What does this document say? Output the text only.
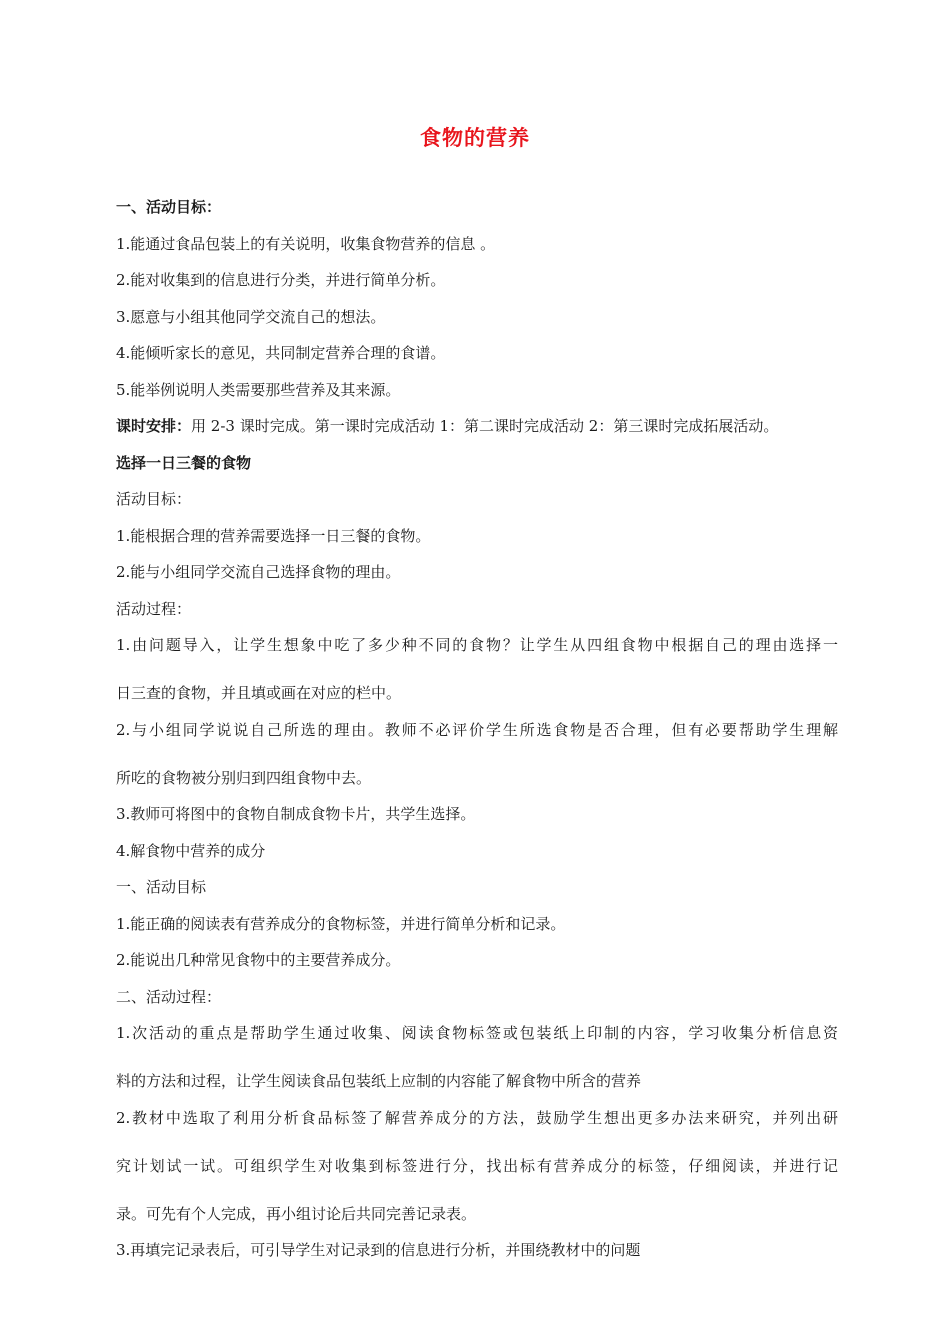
食物的营养

一、活动目标：

1.能通过食品包装上的有关说明，收集食物营养的信息 。

2.能对收集到的信息进行分类，并进行简单分析。

3.愿意与小组其他同学交流自己的想法。

4.能倾听家长的意见，共同制定营养合理的食谱。

5.能举例说明人类需要那些营养及其来源。

课时安排：用 2-3 课时完成。第一课时完成活动 1：第二课时完成活动 2：第三课时完成拓展活动。

选择一日三餐的食物

活动目标：

1.能根据合理的营养需要选择一日三餐的食物。

2.能与小组同学交流自己选择食物的理由。

活动过程：

1.由问题导入，让学生想象中吃了多少种不同的食物？让学生从四组食物中根据自己的理由选择一

日三查的食物，并且填或画在对应的栏中。

2.与小组同学说说自己所选的理由。教师不必评价学生所选食物是否合理，但有必要帮助学生理解

所吃的食物被分别归到四组食物中去。

3.教师可将图中的食物自制成食物卡片，共学生选择。

4.解食物中营养的成分

一、活动目标

1.能正确的阅读表有营养成分的食物标签，并进行简单分析和记录。

2.能说出几种常见食物中的主要营养成分。

二、活动过程：

1.次活动的重点是帮助学生通过收集、阅读食物标签或包装纸上印制的内容，学习收集分析信息资

料的方法和过程，让学生阅读食品包装纸上应制的内容能了解食物中所含的营养

2.教材中选取了利用分析食品标签了解营养成分的方法，鼓励学生想出更多办法来研究，并列出研

究计划试一试。可组织学生对收集到标签进行分，找出标有营养成分的标签，仔细阅读，并进行记

录。可先有个人完成，再小组讨论后共同完善记录表。

3.再填完记录表后，可引导学生对记录到的信息进行分析，并围绕教材中的问题
